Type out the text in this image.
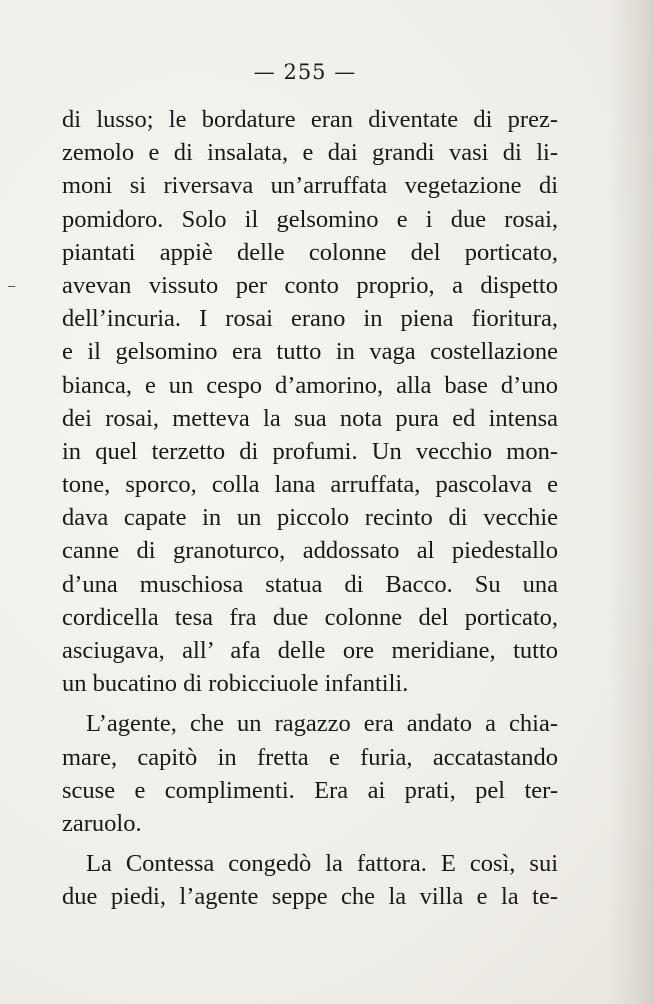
— 255 —
di lusso; le bordature eran diventate di prez-
zemolo e di insalata, e dai grandi vasi di li-
moni si riversava un’arruffata vegetazione di
pomidoro. Solo il gelsomino e i due rosai,
piantati appiè delle colonne del porticato,
avevan vissuto per conto proprio, a dispetto
dell’incuria. I rosai erano in piena fioritura,
e il gelsomino era tutto in vaga costellazione
bianca, e un cespo d’amorino, alla base d’uno
dei rosai, metteva la sua nota pura ed intensa
in quel terzetto di profumi. Un vecchio mon-
tone, sporco, colla lana arruffata, pascolava e
dava capate in un piccolo recinto di vecchie
canne di granoturco, addossato al piedestallo
d’una muschiosa statua di Bacco. Su una
cordicella tesa fra due colonne del porticato,
asciugava, all’ afa delle ore meridiane, tutto
un bucatino di robicciuole infantili.
L’agente, che un ragazzo era andato a chia-
mare, capitò in fretta e furia, accatastando
scuse e complimenti. Era ai prati, pel ter-
zaruolo.
La Contessa congedò la fattora. E così, sui
due piedi, l’agente seppe che la villa e la te-
